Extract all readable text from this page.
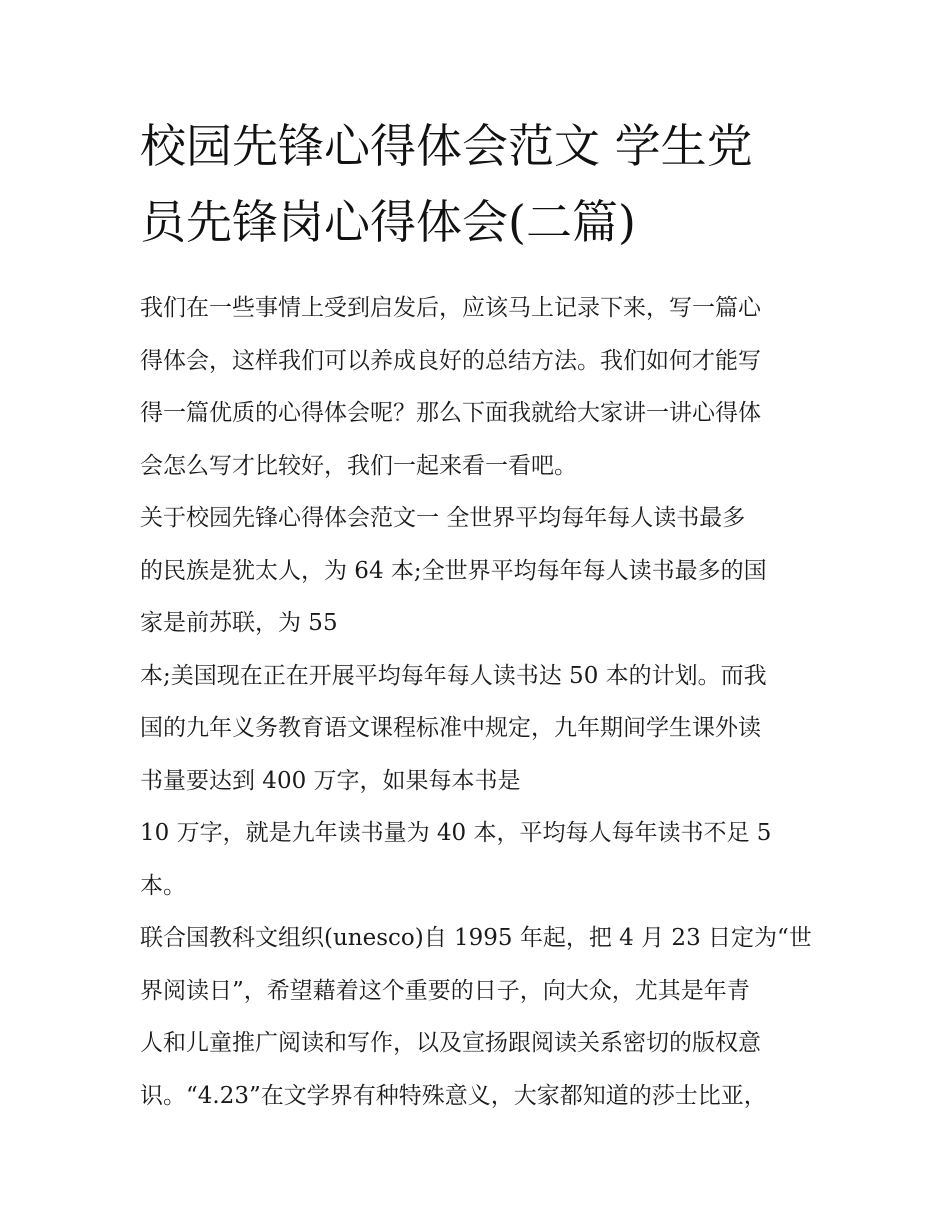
校园先锋心得体会范文 学生党
员先锋岗心得体会(二篇)
我们在一些事情上受到启发后，应该马上记录下来，写一篇心
得体会，这样我们可以养成良好的总结方法。我们如何才能写
得一篇优质的心得体会呢？那么下面我就给大家讲一讲心得体
会怎么写才比较好，我们一起来看一看吧。
关于校园先锋心得体会范文一 全世界平均每年每人读书最多
的民族是犹太人，为 64 本;全世界平均每年每人读书最多的国
家是前苏联，为 55
本;美国现在正在开展平均每年每人读书达 50 本的计划。而我
国的九年义务教育语文课程标准中规定，九年期间学生课外读
书量要达到 400 万字，如果每本书是
10 万字，就是九年读书量为 40 本，平均每人每年读书不足 5
本。
联合国教科文组织(unesco)自 1995 年起，把 4 月 23 日定为“世
界阅读日”，希望藉着这个重要的日子，向大众，尤其是年青
人和儿童推广阅读和写作，以及宣扬跟阅读关系密切的版权意
识。“4.23”在文学界有种特殊意义，大家都知道的莎士比亚，
